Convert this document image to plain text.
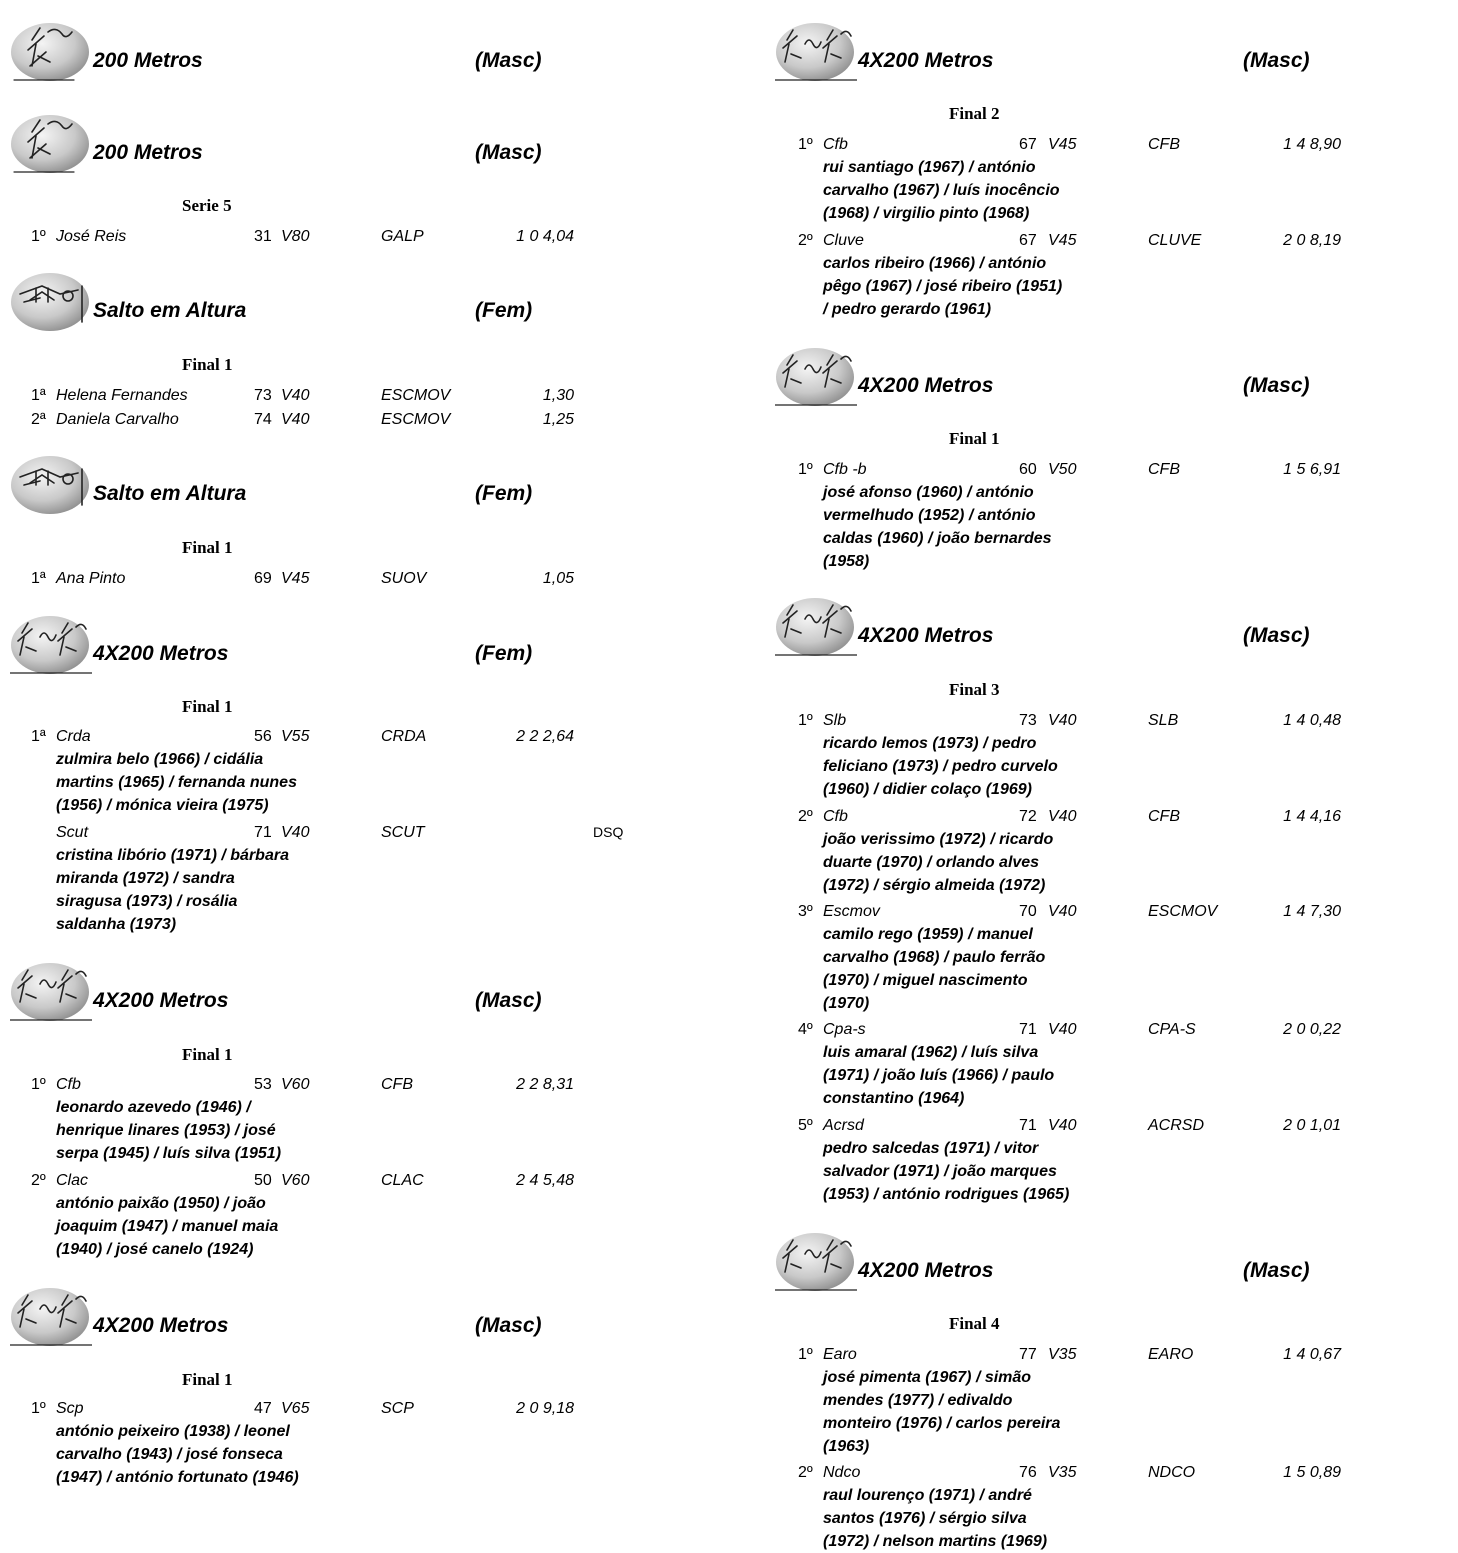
200 Metros	(Masc)
200 Metros	(Masc)
Serie 5
1º José Reis	31 V80	GALP	1 0 4,04
Salto em Altura	(Fem)
Final 1
1ª Helena Fernandes	73 V40	ESCMOV	1,30
2ª Daniela Carvalho	74 V40	ESCMOV	1,25
Salto em Altura	(Fem)
Final 1
1ª Ana Pinto	69 V45	SUOV	1,05
4X200 Metros	(Fem)
Final 1
1ª Crda	56 V55	CRDA	2 2 2,64
zulmira belo (1966) / cidália
martins (1965) / fernanda nunes
(1956) / mónica vieira (1975)
Scut	71 V40	SCUT	DSQ
cristina libório (1971) / bárbara
miranda (1972) / sandra
siragusa (1973) / rosália
saldanha (1973)
4X200 Metros	(Masc)
Final 1
1º Cfb	53 V60	CFB	2 2 8,31
leonardo azevedo (1946) /
henrique linares (1953) / josé
serpa (1945) / luís silva (1951)
2º Clac	50 V60	CLAC	2 4 5,48
antónio paixão (1950) / joão
joaquim (1947) / manuel maia
(1940) / josé canelo (1924)
4X200 Metros	(Masc)
Final 1
1º Scp	47 V65	SCP	2 0 9,18
antónio peixeiro (1938) / leonel
carvalho (1943) / josé fonseca
(1947) / antónio fortunato (1946)
4X200 Metros	(Masc)
Final 2
1º Cfb	67 V45	CFB	1 4 8,90
rui santiago (1967) / antónio
carvalho (1967) / luís inocêncio
(1968) / virgilio pinto (1968)
2º Cluve	67 V45	CLUVE	2 0 8,19
carlos ribeiro (1966) / antónio
pêgo (1967) / josé ribeiro (1951)
/ pedro gerardo (1961)
4X200 Metros	(Masc)
Final 1
1º Cfb -b	60 V50	CFB	1 5 6,91
josé afonso (1960) / antónio
vermelhudo (1952) / antónio
caldas (1960) / joão bernardes
(1958)
4X200 Metros	(Masc)
Final 3
1º Slb	73 V40	SLB	1 4 0,48
ricardo lemos (1973) / pedro
feliciano (1973) / pedro curvelo
(1960) / didier colaço (1969)
2º Cfb	72 V40	CFB	1 4 4,16
joão verissimo (1972) / ricardo
duarte (1970) / orlando alves
(1972) / sérgio almeida (1972)
3º Escmov	70 V40	ESCMOV	1 4 7,30
camilo rego (1959) / manuel
carvalho (1968) / paulo ferrão
(1970) / miguel nascimento
(1970)
4º Cpa-s	71 V40	CPA-S	2 0 0,22
luis amaral (1962) / luís silva
(1971) / joão luís (1966) / paulo
constantino (1964)
5º Acrsd	71 V40	ACRSD	2 0 1,01
pedro salcedas (1971) / vitor
salvador (1971) / joão marques
(1953) / antónio rodrigues (1965)
4X200 Metros	(Masc)
Final 4
1º Earo	77 V35	EARO	1 4 0,67
josé pimenta (1967) / simão
mendes (1977) / edivaldo
monteiro (1976) / carlos pereira
(1963)
2º Ndco	76 V35	NDCO	1 5 0,89
raul lourenço (1971) / andré
santos (1976) / sérgio silva
(1972) / nelson martins (1969)
